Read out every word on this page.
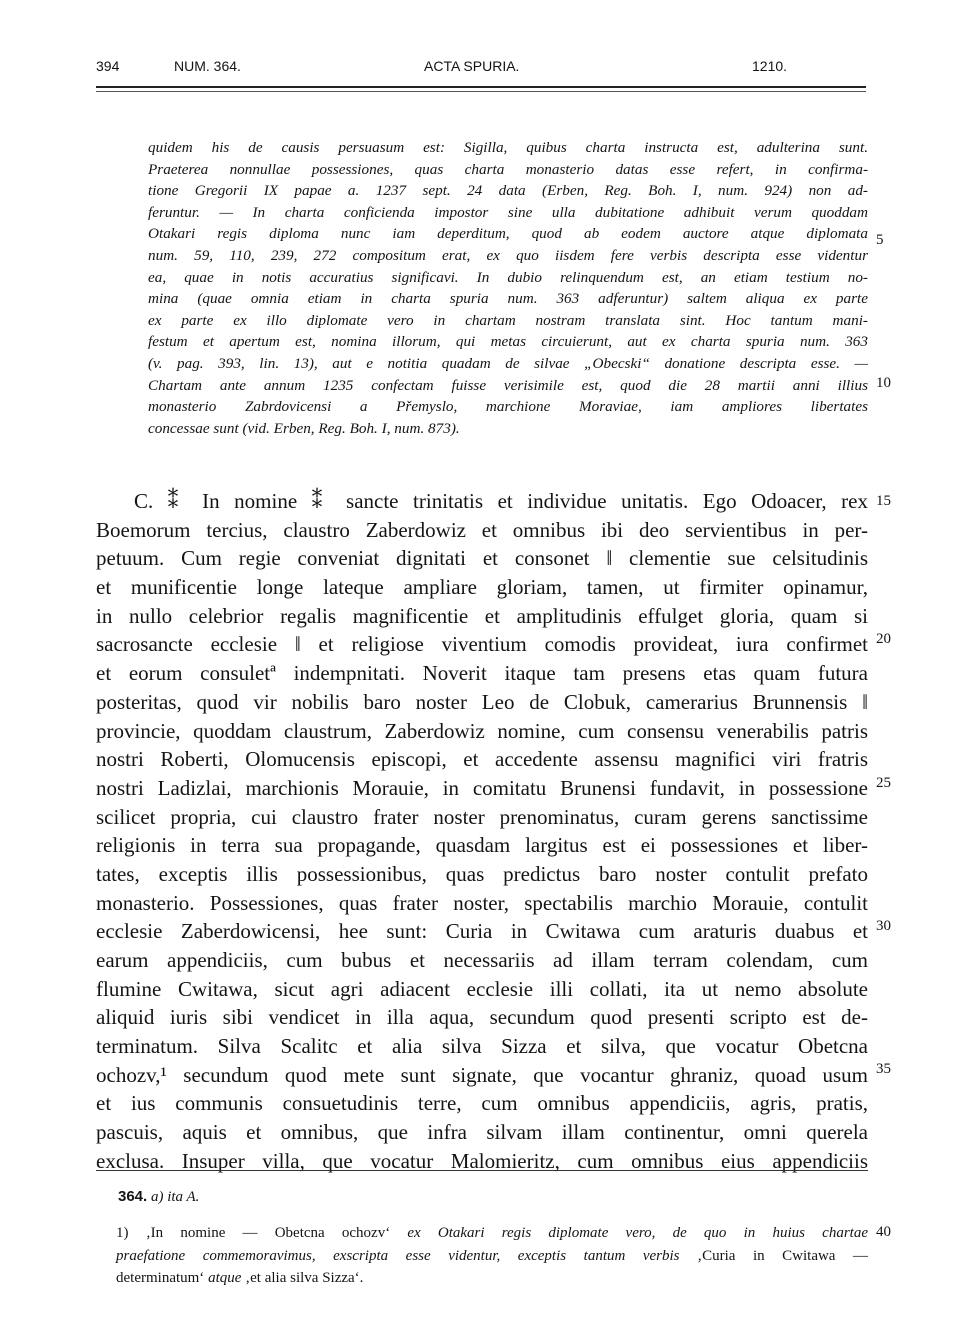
394	NUM. 364.	ACTA SPURIA.	1210.
quidem his de causis persuasum est: Sigilla, quibus charta instructa est, adulterina sunt.
Praeterea nonnullae possessiones, quas charta monasterio datas esse refert, in confirma-
tione Gregorii IX papae a. 1237 sept. 24 data (Erben, Reg. Boh. I, num. 924) non ad-
feruntur. — In charta conficienda impostor sine ulla dubitatione adhibuit verum quoddam
Otakari regis diploma nunc iam deperditum, quod ab eodem auctore atque diplomata
num. 59, 110, 239, 272 compositum erat, ex quo iisdem fere verbis descripta esse videntur
ea, quae in notis accuratius significavi. In dubio relinquendum est, an etiam testium no-
mina (quae omnia etiam in charta spuria num. 363 adferuntur) saltem aliqua ex parte
ex parte ex illo diplomate vero in chartam nostram translata sint. Hoc tantum mani-
festum et apertum est, nomina illorum, qui metas circuierunt, aut ex charta spuria num. 363
(v. pag. 393, lin. 13), aut e notitia quadam de silvae „Obecski“ donatione descripta esse. —
Chartam ante annum 1235 confectam fuisse verisimile est, quod die 28 martii anni illius
monasterio Zabrdovicensi a Přemyslo, marchione Moraviae, iam ampliores libertates
concessae sunt (vid. Erben, Reg. Boh. I, num. 873).
5
10
C. ⁑ In nomine ⁑ sancte trinitatis et individue unitatis. Ego Odoacer, rex
Boemorum tercius, claustro Zaberdowiz et omnibus ibi deo servientibus in per-
petuum. Cum regie conveniat dignitati et consonet ‖ clementie sue celsitudinis
et munificentie longe lateque ampliare gloriam, tamen, ut firmiter opinamur,
in nullo celebrior regalis magnificentie et amplitudinis effulget gloria, quam si
sacrosancte ecclesie ‖ et religiose viventium comodis provideat, iura confirmet
et eorum consuletª indempnitati. Noverit itaque tam presens etas quam futura
posteritas, quod vir nobilis baro noster Leo de Clobuk, camerarius Brunnensis ‖
provincie, quoddam claustrum, Zaberdowiz nomine, cum consensu venerabilis patris
nostri Roberti, Olomucensis episcopi, et accedente assensu magnifici viri fratris
nostri Ladizlai, marchionis Morauie, in comitatu Brunensi fundavit, in possessione
scilicet propria, cui claustro frater noster prenominatus, curam gerens sanctissime
religionis in terra sua propagande, quasdam largitus est ei possessiones et liber-
tates, exceptis illis possessionibus, quas predictus baro noster contulit prefato
monasterio. Possessiones, quas frater noster, spectabilis marchio Morauie, contulit
ecclesie Zaberdowicensi, hee sunt: Curia in Cwitawa cum araturis duabus et
earum appendiciis, cum bubus et necessariis ad illam terram colendam, cum
flumine Cwitawa, sicut agri adiacent ecclesie illi collati, ita ut nemo absolute
aliquid iuris sibi vendicet in illa aqua, secundum quod presenti scripto est de-
terminatum. Silva Scalitc et alia silva Sizza et silva, que vocatur Obetcna
ochozv,¹ secundum quod mete sunt signate, que vocantur ghraniz, quoad usum
et ius communis consuetudinis terre, cum omnibus appendiciis, agris, pratis,
pascuis, aquis et omnibus, que infra silvam illam continentur, omni querela
exclusa. Insuper villa, que vocatur Malomieritz, cum omnibus eius appendiciis
15
20
25
30
35
364. a) ita A.
1) ‚In nomine — Obetcna ochozv‘ ex Otakari regis diplomate vero, de quo in huius chartae
praefatione commemoravimus, exscripta esse videntur, exceptis tantum verbis ‚Curia in Cwitawa —
determinatum‘ atque ‚et alia silva Sizza‘.
40
